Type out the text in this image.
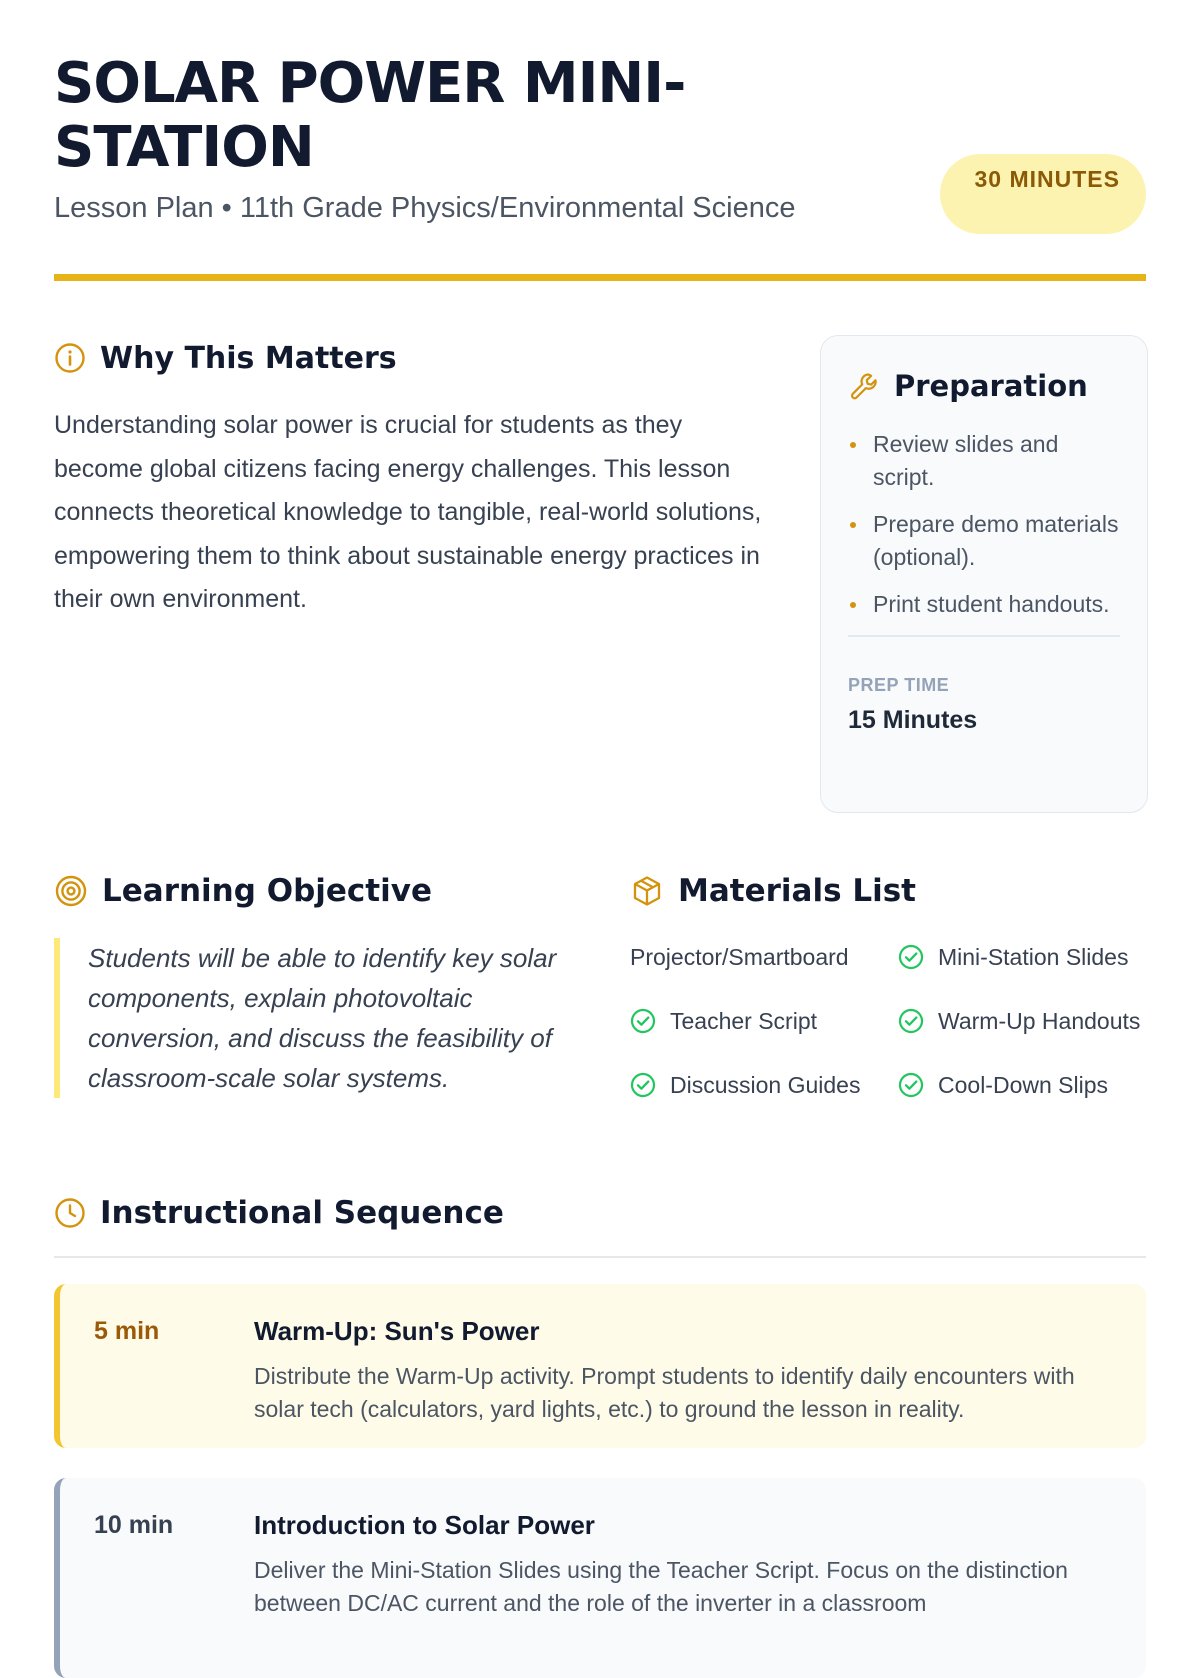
SOLAR POWER MINI-STATION
Lesson Plan • 11th Grade Physics/Environmental Science
30 MINUTES
Why This Matters

Understanding solar power is crucial for students as they become global citizens facing energy challenges. This lesson connects theoretical knowledge to tangible, real-world solutions, empowering them to think about sustainable energy practices in their own environment.

Preparation
Review slides and script.
Prepare demo materials (optional).
Print student handouts.
PREP TIME
15 Minutes
Learning Objective
Students will be able to identify key solar components, explain photovoltaic conversion, and discuss the feasibility of classroom-scale solar systems.
Materials List
Projector/Smartboard	Mini-Station Slides
Teacher Script	Warm-Up Handouts
Discussion Guides	Cool-Down Slips
Instructional Sequence
5 min	Warm-Up: Sun's Power
Distribute the Warm-Up activity. Prompt students to identify daily encounters with solar tech (calculators, yard lights, etc.) to ground the lesson in reality.
10 min	Introduction to Solar Power
Deliver the Mini-Station Slides using the Teacher Script. Focus on the distinction between DC/AC current and the role of the inverter in a classroom
